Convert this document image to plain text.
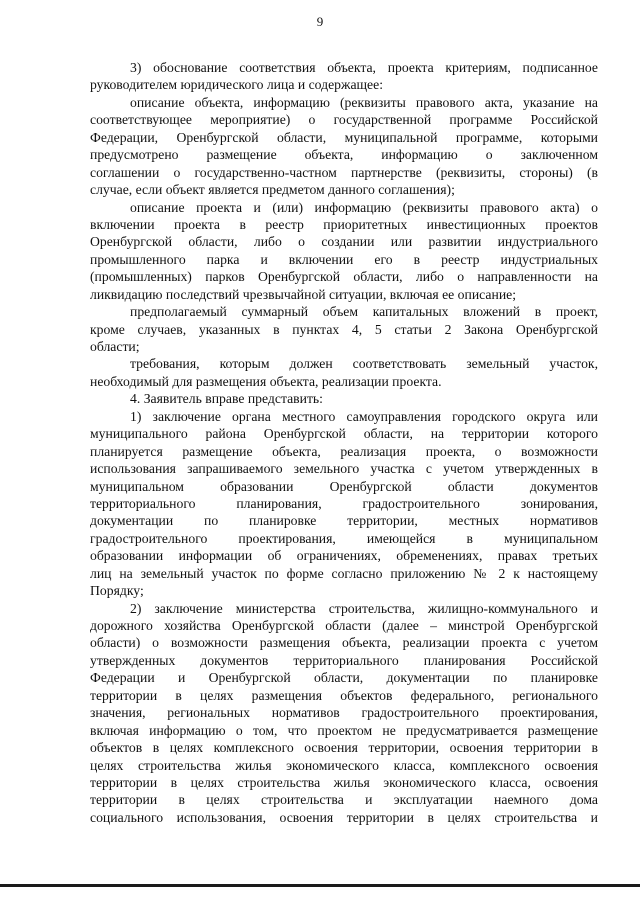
9
3) обоснование соответствия объекта, проекта критериям, подписанное
руководителем юридического лица и содержащее:
описание объекта, информацию (реквизиты правового акта, указание на
соответствующее мероприятие) о государственной программе Российской
Федерации, Оренбургской области, муниципальной программе, которыми
предусмотрено размещение объекта, информацию о заключенном
соглашении о государственно-частном партнерстве (реквизиты, стороны) (в
случае, если объект является предметом данного соглашения);
описание проекта и (или) информацию (реквизиты правового акта) о
включении проекта в реестр приоритетных инвестиционных проектов
Оренбургской области, либо о создании или развитии индустриального
промышленного парка и включении его в реестр индустриальных
(промышленных) парков Оренбургской области, либо о направленности на
ликвидацию последствий чрезвычайной ситуации, включая ее описание;
предполагаемый суммарный объем капитальных вложений в проект,
кроме случаев, указанных в пунктах 4, 5 статьи 2 Закона Оренбургской
области;
требования, которым должен соответствовать земельный участок,
необходимый для размещения объекта, реализации проекта.
4. Заявитель вправе представить:
1) заключение органа местного самоуправления городского округа или
муниципального района Оренбургской области, на территории которого
планируется размещение объекта, реализация проекта, о возможности
использования запрашиваемого земельного участка с учетом утвержденных в
муниципальном образовании Оренбургской области документов
территориального планирования, градостроительного зонирования,
документации по планировке территории, местных нормативов
градостроительного проектирования, имеющейся в муниципальном
образовании информации об ограничениях, обременениях, правах третьих
лиц на земельный участок по форме согласно приложению № 2 к настоящему
Порядку;
2) заключение министерства строительства, жилищно-коммунального и
дорожного хозяйства Оренбургской области (далее – минстрой Оренбургской
области) о возможности размещения объекта, реализации проекта с учетом
утвержденных документов территориального планирования Российской
Федерации и Оренбургской области, документации по планировке
территории в целях размещения объектов федерального, регионального
значения, региональных нормативов градостроительного проектирования,
включая информацию о том, что проектом не предусматривается размещение
объектов в целях комплексного освоения территории, освоения территории в
целях строительства жилья экономического класса, комплексного освоения
территории в целях строительства жилья экономического класса, освоения
территории в целях строительства и эксплуатации наемного дома
социального использования, освоения территории в целях строительства и
